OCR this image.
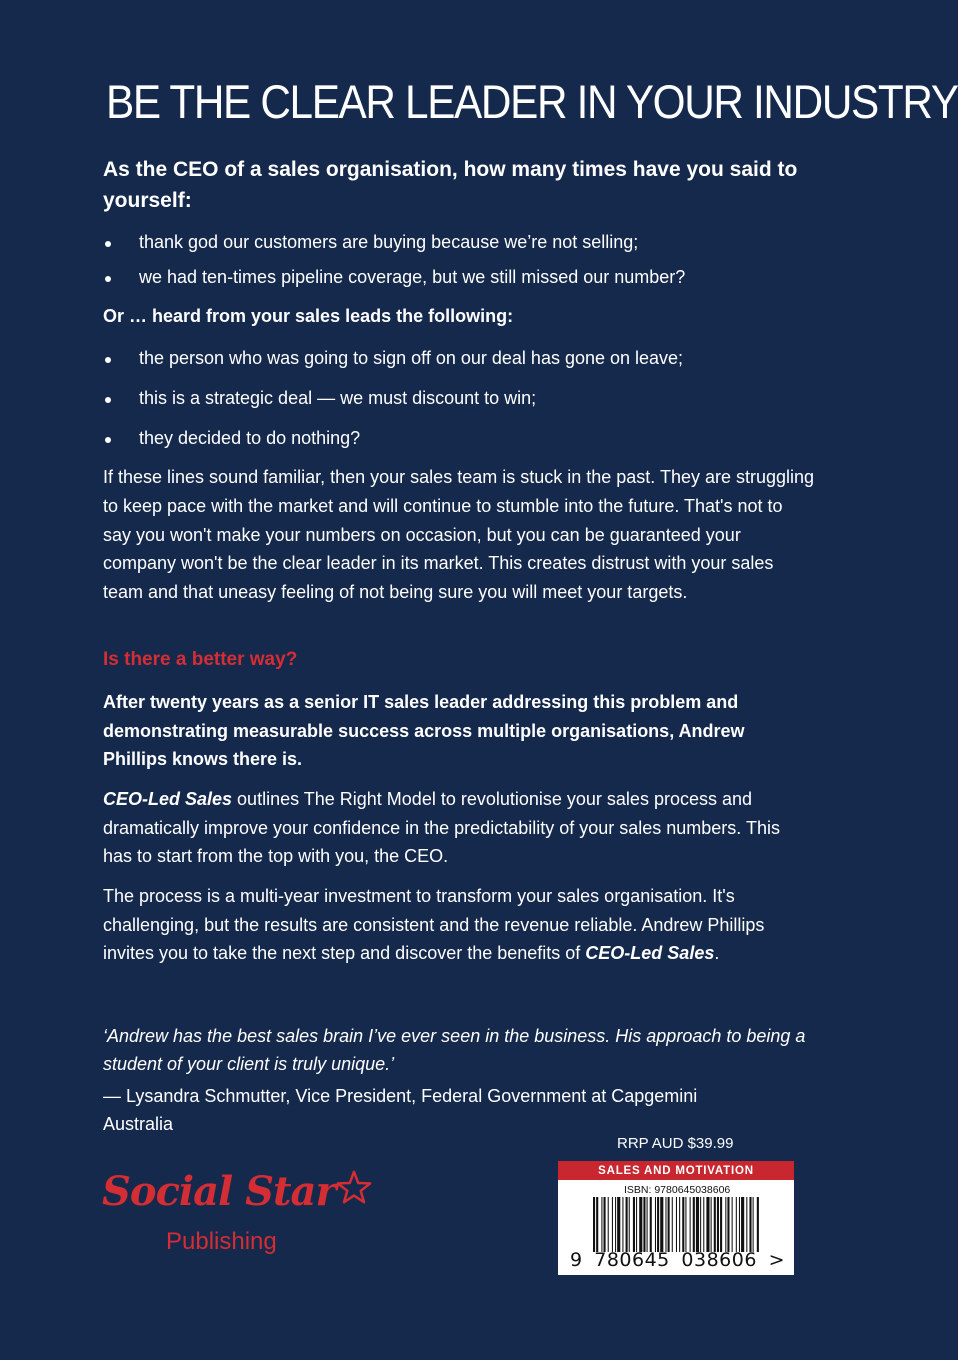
BE THE CLEAR LEADER IN YOUR INDUSTRY
As the CEO of a sales organisation, how many times have you said to yourself:
thank god our customers are buying because we’re not selling;
we had ten-times pipeline coverage, but we still missed our number?
Or … heard from your sales leads the following:
the person who was going to sign off on our deal has gone on leave;
this is a strategic deal — we must discount to win;
they decided to do nothing?
If these lines sound familiar, then your sales team is stuck in the past. They are struggling to keep pace with the market and will continue to stumble into the future. That's not to say you won't make your numbers on occasion, but you can be guaranteed your company won't be the clear leader in its market. This creates distrust with your sales team and that uneasy feeling of not being sure you will meet your targets.
Is there a better way?
After twenty years as a senior IT sales leader addressing this problem and demonstrating measurable success across multiple organisations, Andrew Phillips knows there is.
CEO-Led Sales outlines The Right Model to revolutionise your sales process and dramatically improve your confidence in the predictability of your sales numbers. This has to start from the top with you, the CEO.
The process is a multi-year investment to transform your sales organisation. It's challenging, but the results are consistent and the revenue reliable. Andrew Phillips invites you to take the next step and discover the benefits of CEO-Led Sales.
‘Andrew has the best sales brain I’ve ever seen in the business. His approach to being a student of your client is truly unique.’
— Lysandra Schmutter, Vice President, Federal Government at Capgemini Australia
Social Star
Publishing
RRP AUD $39.99
SALES AND MOTIVATION
ISBN: 9780645038606
9 780645 038606 >
